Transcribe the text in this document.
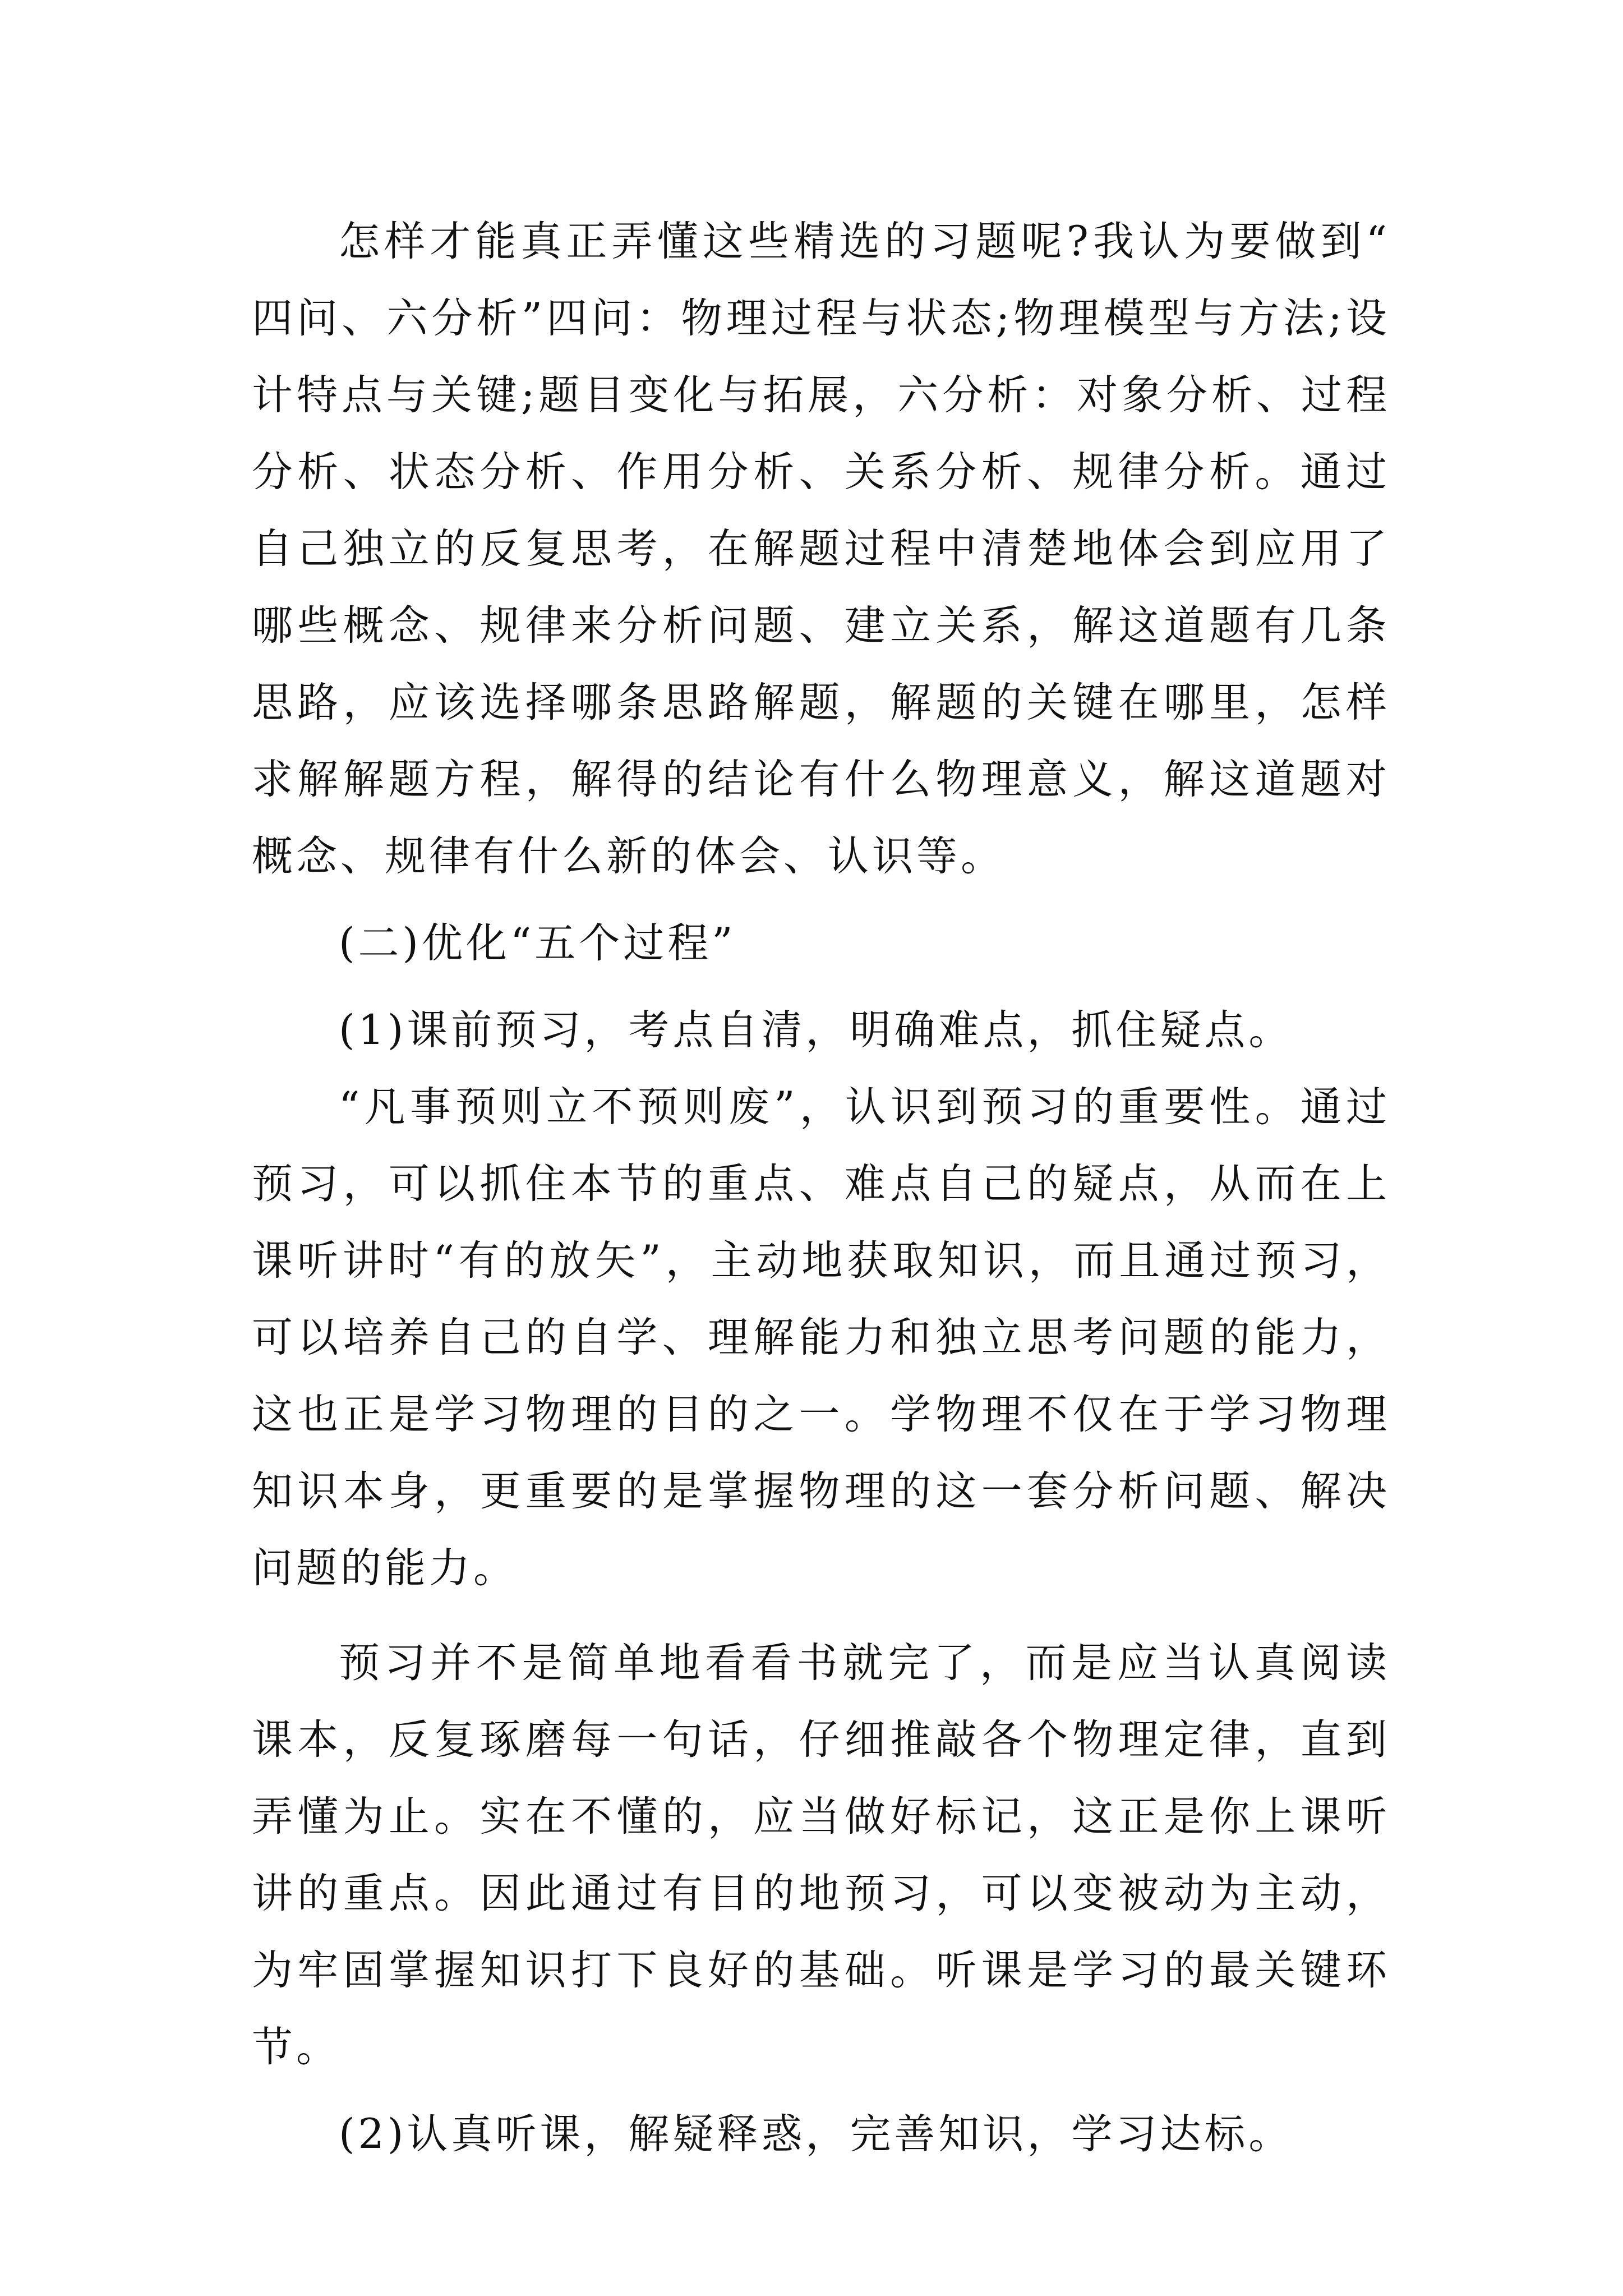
怎样才能真正弄懂这些精选的习题呢?我认为要做到“四问、六分析”四问：物理过程与状态;物理模型与方法;设计特点与关键;题目变化与拓展，六分析：对象分析、过程分析、状态分析、作用分析、关系分析、规律分析。通过自己独立的反复思考，在解题过程中清楚地体会到应用了哪些概念、规律来分析问题、建立关系，解这道题有几条思路，应该选择哪条思路解题，解题的关键在哪里，怎样求解解题方程，解得的结论有什么物理意义，解这道题对概念、规律有什么新的体会、认识等。

(二)优化“五个过程”

(1)课前预习，考点自清，明确难点，抓住疑点。

“凡事预则立不预则废”，认识到预习的重要性。通过预习，可以抓住本节的重点、难点自己的疑点，从而在上课听讲时“有的放矢”，主动地获取知识，而且通过预习，可以培养自己的自学、理解能力和独立思考问题的能力，这也正是学习物理的目的之一。学物理不仅在于学习物理知识本身，更重要的是掌握物理的这一套分析问题、解决问题的能力。

预习并不是简单地看看书就完了，而是应当认真阅读课本，反复琢磨每一句话，仔细推敲各个物理定律，直到弄懂为止。实在不懂的，应当做好标记，这正是你上课听讲的重点。因此通过有目的地预习，可以变被动为主动，为牢固掌握知识打下良好的基础。听课是学习的最关键环节。

(2)认真听课，解疑释惑，完善知识，学习达标。
